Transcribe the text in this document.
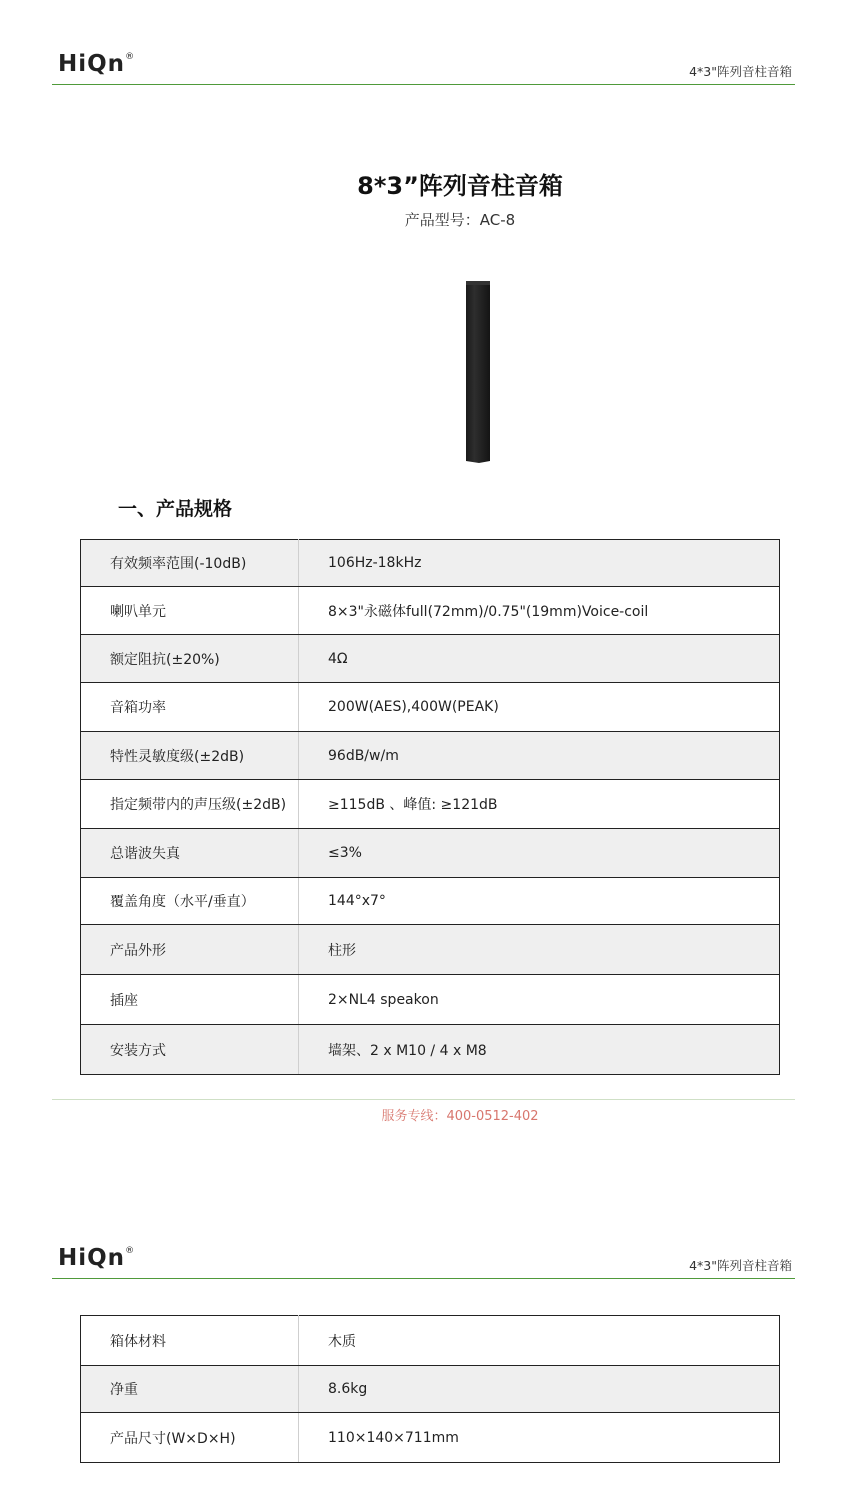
HiQn®
4*3"阵列音柱音箱
8*3”阵列音柱音箱
产品型号：AC-8
一、产品规格
有效频率范围(-10dB)	106Hz-18kHz
喇叭单元	8×3"永磁体full(72mm)/0.75"(19mm)Voice-coil
额定阻抗(±20%)	4Ω
音箱功率	200W(AES),400W(PEAK)
特性灵敏度级(±2dB)	96dB/w/m
指定频带内的声压级(±2dB)	≥115dB 、峰值: ≥121dB
总谐波失真	≤3%
覆盖角度（水平/垂直）	144°x7°
产品外形	柱形
插座	2×NL4 speakon
安装方式	墙架、2 x M10 / 4 x M8
服务专线：400-0512-402
HiQn®
4*3"阵列音柱音箱
箱体材料	木质
净重	8.6kg
产品尺寸(W×D×H)	110×140×711mm
